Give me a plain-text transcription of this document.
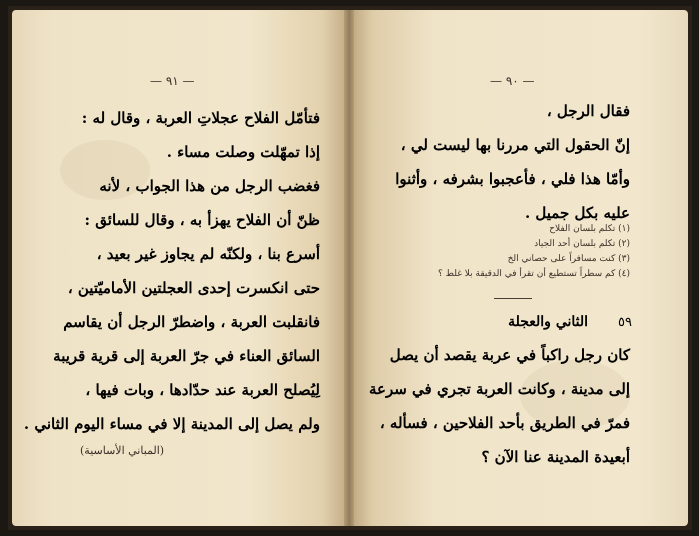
— ٩١ —
فتأمّل الفلاح عجلاتِ العربة ، وقال له :
إذا تمهّلت وصلت مساء .
فغضب الرجل من هذا الجواب ، لأنه
ظنّ أن الفلاح يهزأ به ، وقال للسائق :
أسرع بنا ، ولكنّه لم يجاوز غير بعيد ،
حتى انكسرت إحدى العجلتين الأماميّتين ،
فانقلبت العربة ، واضطرّ الرجل أن يقاسم
السائق العناء في جرّ العربة إلى قرية قريبة
لِيُصلح العربة عند حدّادها ، وبات فيها ،
ولم يصل إلى المدينة إلا في مساء اليوم الثاني .
(المباني الأساسية)
— ٩٠ —
فقال الرجل ،
إنّ الحقول التي مررنا بها ليست لي ،
وأمّا هذا فلي ، فأعجبوا بشرفه ، وأثنوا
عليه بكل جميل .
(١) تكلم بلسان الفلاح
(٢) تكلم بلسان أحد الجياد
(٣) كنت مسافراً على حصاني الخ
(٤) كم سطراً تستطيع أن تقرأ في الدقيقة بلا غلط ؟
٥٩الثاني والعجلة
كان رجل راكباً في عربة يقصد أن يصل
إلى مدينة ، وكانت العربة تجري في سرعة
فمرّ في الطريق بأحد الفلاحين ، فسأله ،
أبعيدة المدينة عنا الآن ؟
